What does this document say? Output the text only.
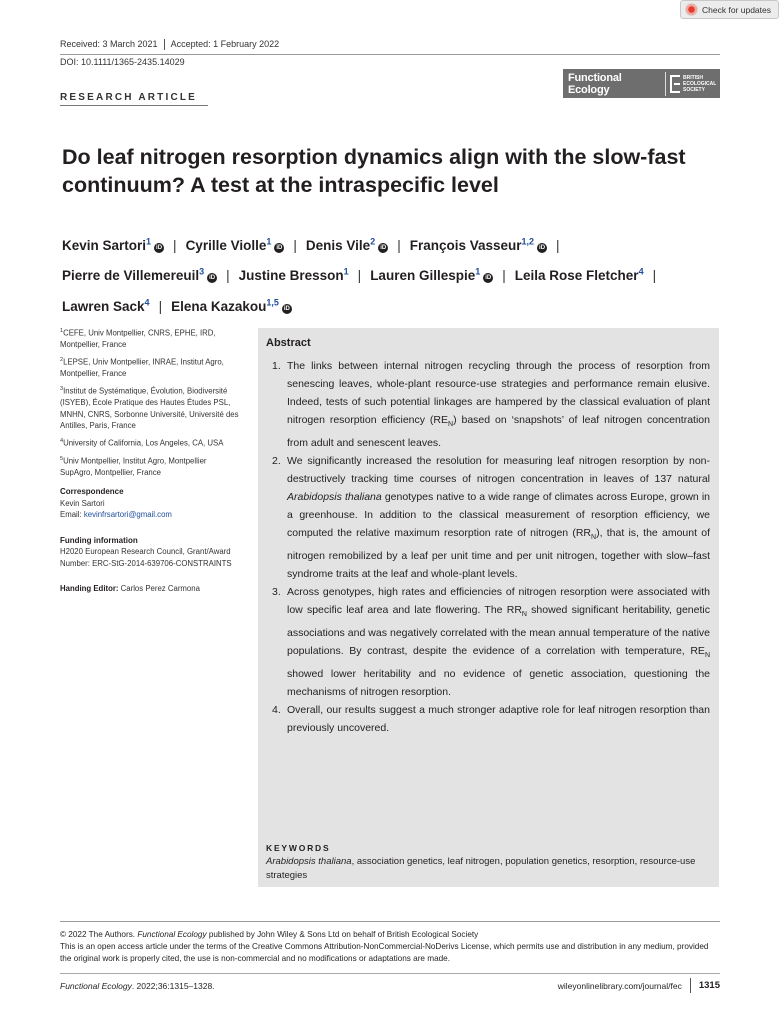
Check for updates
Received: 3 March 2021 Accepted: 1 February 2022
DOI: 10.1111/1365-2435.14029
RESEARCH ARTICLE
Functional Ecology
BRITISH
ECOLOGICAL
SOCIETY
Do leaf nitrogen resorption dynamics align with the slow-fast continuum? A test at the intraspecific level
Kevin Sartori$^1$iD | Cyrille Violle$^1$iD | Denis Vile$^2$iD | François Vasseur$^{1,2}$iD |
Pierre de Villemereuil$^3$iD | Justine Bresson$^1$ | Lauren Gillespie$^1$iD | Leila Rose Fletcher$^4$ |
Lawren Sack$^4$ | Elena Kazakou$^{1,5}$iD

$^1$CEFE, Univ Montpellier, CNRS, EPHE, IRD, Montpellier, France

$^2$LEPSE, Univ Montpellier, INRAE, Institut Agro, Montpellier, France

$^3$Institut de Systématique, Évolution, Biodiversité (ISYEB), École Pratique des Hautes Études PSL, MNHN, CNRS, Sorbonne Université, Université des Antilles, Paris, France

$^4$University of California, Los Angeles, CA, USA

$^5$Univ Montpellier, Institut Agro, Montpellier SupAgro, Montpellier, France

Correspondence
Kevin Sartori
Email: kevinfrsartori@gmail.com
Funding information
H2020 European Research Council, Grant/Award Number: ERC-StG-2014-639706-CONSTRAINTS
Handing Editor: Carlos Perez Carmona
Abstract
1. The links between internal nitrogen recycling through the process of resorption from senescing leaves, whole-plant resource-use strategies and performance remain elusive. Indeed, tests of such potential linkages are hampered by the classical evaluation of plant nitrogen resorption efficiency $(RE_N)$ based on ‘snapshots’ of leaf nitrogen concentration from adult and senescent leaves.
2. We significantly increased the resolution for measuring leaf nitrogen resorption by non-destructively tracking time courses of nitrogen concentration in leaves of 137 natural Arabidopsis thaliana genotypes native to a wide range of climates across Europe, grown in a greenhouse. In addition to the classical measurement of resorption efficiency, we computed the relative maximum resorption rate of nitrogen $(RR_N)$, that is, the amount of nitrogen remobilized by a leaf per unit time and per unit nitrogen, together with slow–fast syndrome traits at the leaf and whole-plant levels.
3. Across genotypes, high rates and efficiencies of nitrogen resorption were associated with low specific leaf area and late flowering. The $RR_N$ showed significant heritability, genetic associations and was negatively correlated with the mean annual temperature of the native populations. By contrast, despite the evidence of a correlation with temperature, $RE_N$ showed lower heritability and no evidence of genetic association, questioning the mechanisms of nitrogen resorption.
4. Overall, our results suggest a much stronger adaptive role for leaf nitrogen resorption than previously uncovered.
KEYWORDS
Arabidopsis thaliana, association genetics, leaf nitrogen, population genetics, resorption, resource-use strategies
© 2022 The Authors. Functional Ecology published by John Wiley & Sons Ltd on behalf of British Ecological Society
This is an open access article under the terms of the Creative Commons Attribution-NonCommercial-NoDerivs License, which permits use and distribution in any medium, provided the original work is properly cited, the use is non-commercial and no modifications or adaptations are made.
Functional Ecology. 2022;36:1315–1328.	wileyonlinelibrary.com/journal/fec 1315
